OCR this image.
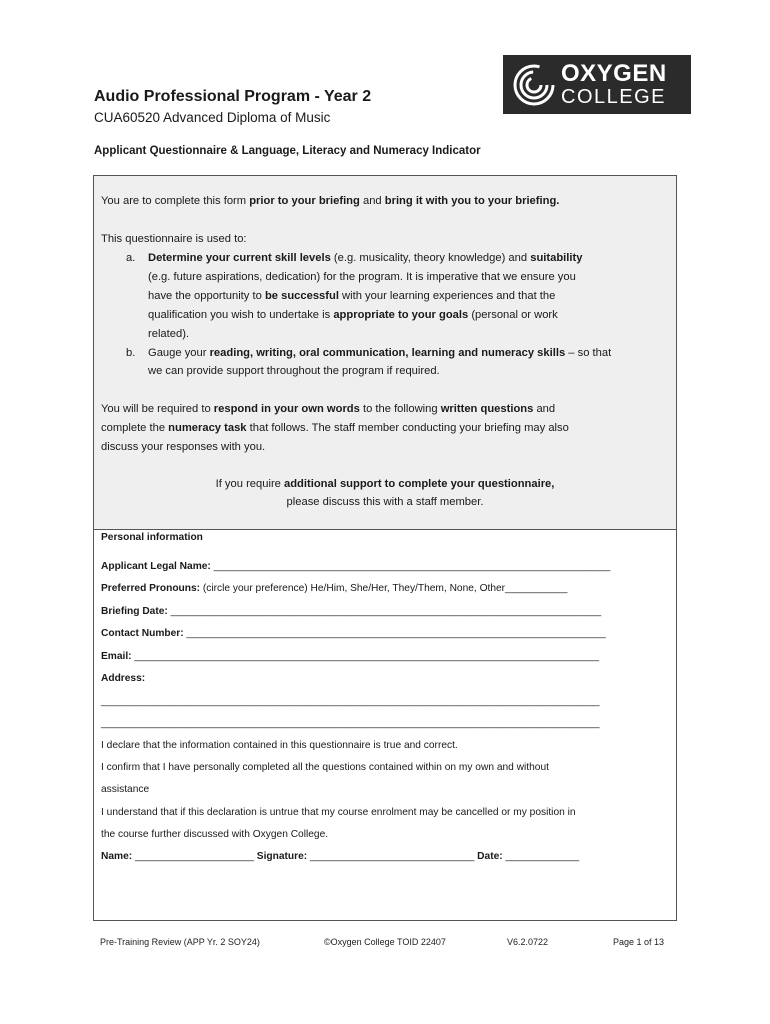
OXYGEN
COLLEGE
Audio Professional Program - Year 2
CUA60520 Advanced Diploma of Music
Applicant Questionnaire & Language, Literacy and Numeracy Indicator
You are to complete this form prior to your briefing and bring it with you to your briefing.
This questionnaire is used to:
a. Determine your current skill levels (e.g. musicality, theory knowledge) and suitability
(e.g. future aspirations, dedication) for the program. It is imperative that we ensure you
have the opportunity to be successful with your learning experiences and that the
qualification you wish to undertake is appropriate to your goals (personal or work
related).
b. Gauge your reading, writing, oral communication, learning and numeracy skills – so that
we can provide support throughout the program if required.
You will be required to respond in your own words to the following written questions and
complete the numeracy task that follows. The staff member conducting your briefing may also
discuss your responses with you.
If you require additional support to complete your questionnaire,
please discuss this with a staff member.
Personal information
Applicant Legal Name: ______________________________________________________________________
Preferred Pronouns: (circle your preference) He/Him, She/Her, They/Them, None, Other___________
Briefing Date: ____________________________________________________________________________
Contact Number: __________________________________________________________________________
Email: __________________________________________________________________________________
Address:
________________________________________________________________________________________
________________________________________________________________________________________
I declare that the information contained in this questionnaire is true and correct.
I confirm that I have personally completed all the questions contained within on my own and without
assistance
I understand that if this declaration is untrue that my course enrolment may be cancelled or my position in
the course further discussed with Oxygen College.
Name: _____________________ Signature: _____________________________ Date: _____________
Pre-Training Review (APP Yr. 2 SOY24)	©Oxygen College TOID 22407	V6.2.0722	Page 1 of 13
